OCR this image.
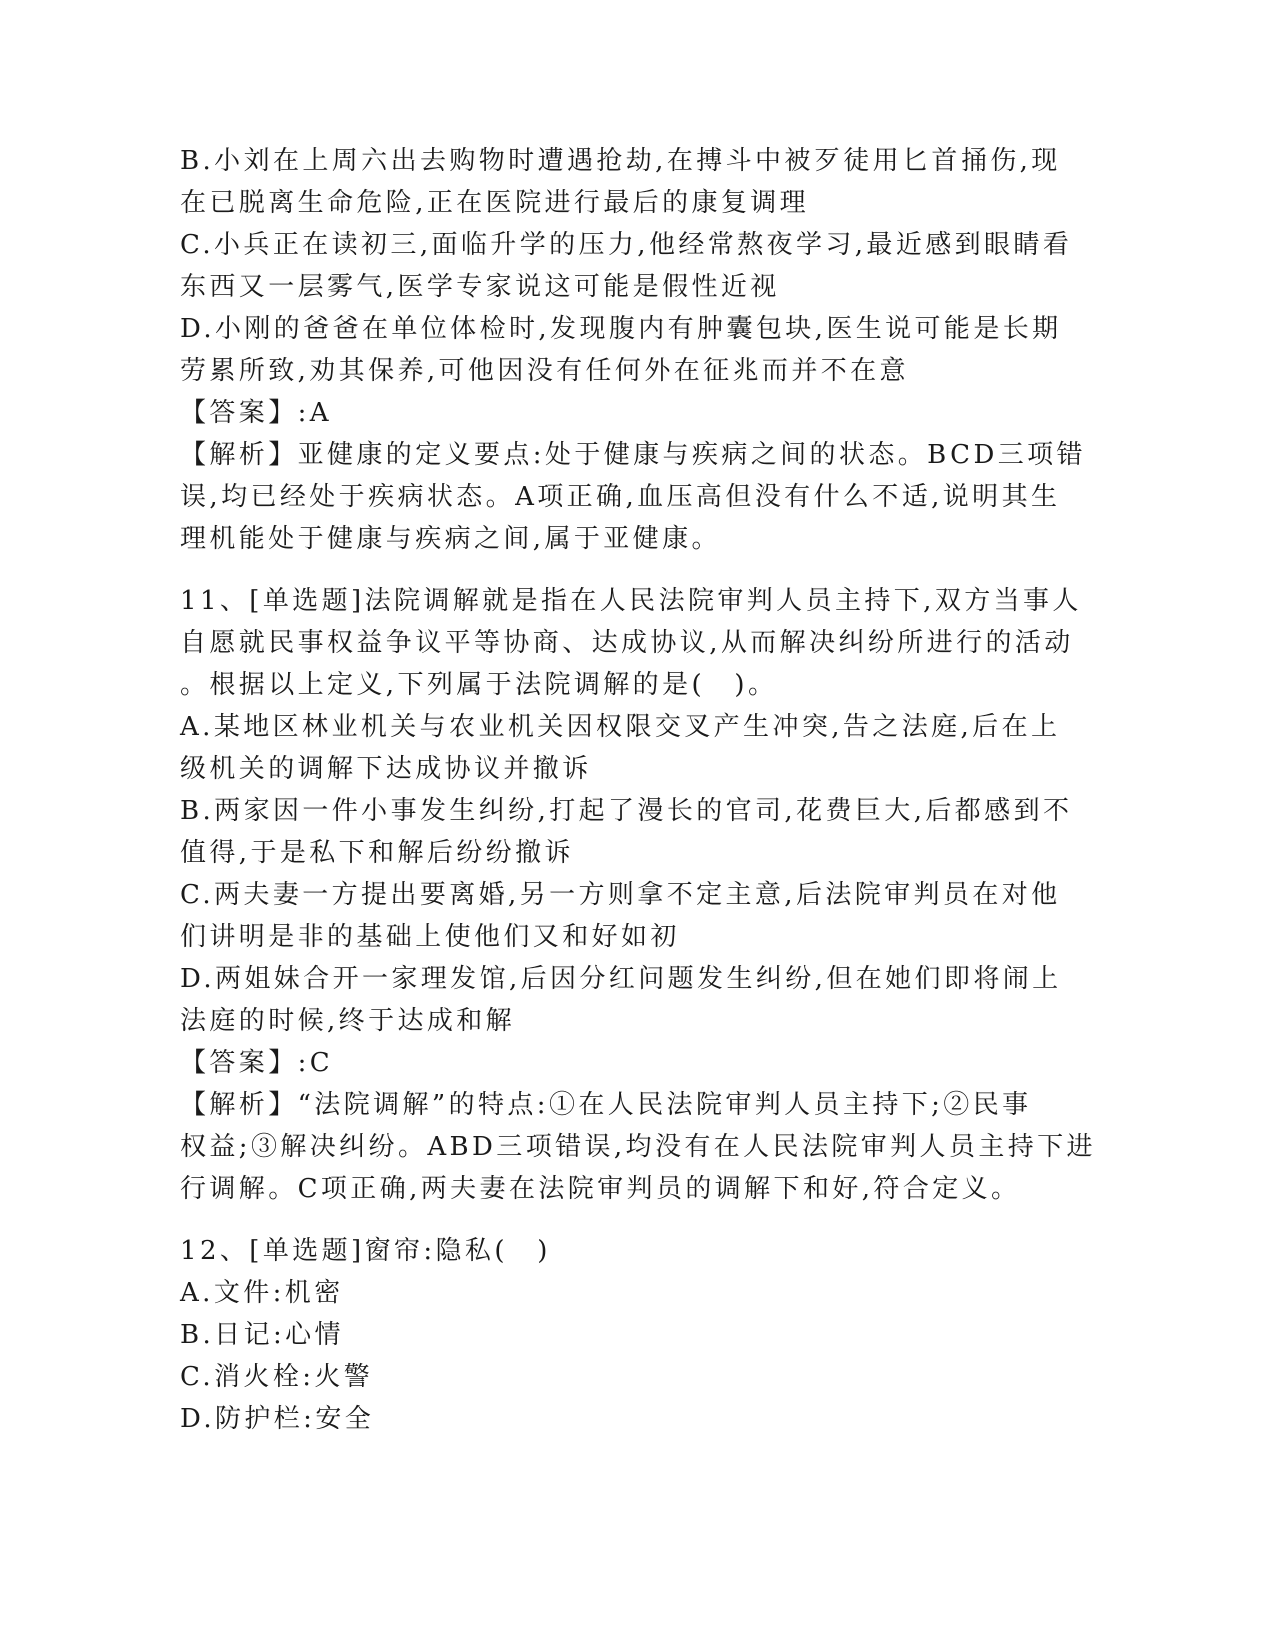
B.小刘在上周六出去购物时遭遇抢劫,在搏斗中被歹徒用匕首捅伤,现
在已脱离生命危险,正在医院进行最后的康复调理
C.小兵正在读初三,面临升学的压力,他经常熬夜学习,最近感到眼睛看
东西又一层雾气,医学专家说这可能是假性近视
D.小刚的爸爸在单位体检时,发现腹内有肿囊包块,医生说可能是长期
劳累所致,劝其保养,可他因没有任何外在征兆而并不在意
【答案】:A
【解析】亚健康的定义要点:处于健康与疾病之间的状态。BCD三项错
误,均已经处于疾病状态。A项正确,血压高但没有什么不适,说明其生
理机能处于健康与疾病之间,属于亚健康。
11、[单选题]法院调解就是指在人民法院审判人员主持下,双方当事人
自愿就民事权益争议平等协商、达成协议,从而解决纠纷所进行的活动
。根据以上定义,下列属于法院调解的是(　)。
A.某地区林业机关与农业机关因权限交叉产生冲突,告之法庭,后在上
级机关的调解下达成协议并撤诉
B.两家因一件小事发生纠纷,打起了漫长的官司,花费巨大,后都感到不
值得,于是私下和解后纷纷撤诉
C.两夫妻一方提出要离婚,另一方则拿不定主意,后法院审判员在对他
们讲明是非的基础上使他们又和好如初
D.两姐妹合开一家理发馆,后因分红问题发生纠纷,但在她们即将闹上
法庭的时候,终于达成和解
【答案】:C
【解析】“法院调解”的特点:①在人民法院审判人员主持下;②民事
权益;③解决纠纷。ABD三项错误,均没有在人民法院审判人员主持下进
行调解。C项正确,两夫妻在法院审判员的调解下和好,符合定义。
12、[单选题]窗帘:隐私(　)
A.文件:机密
B.日记:心情
C.消火栓:火警
D.防护栏:安全
